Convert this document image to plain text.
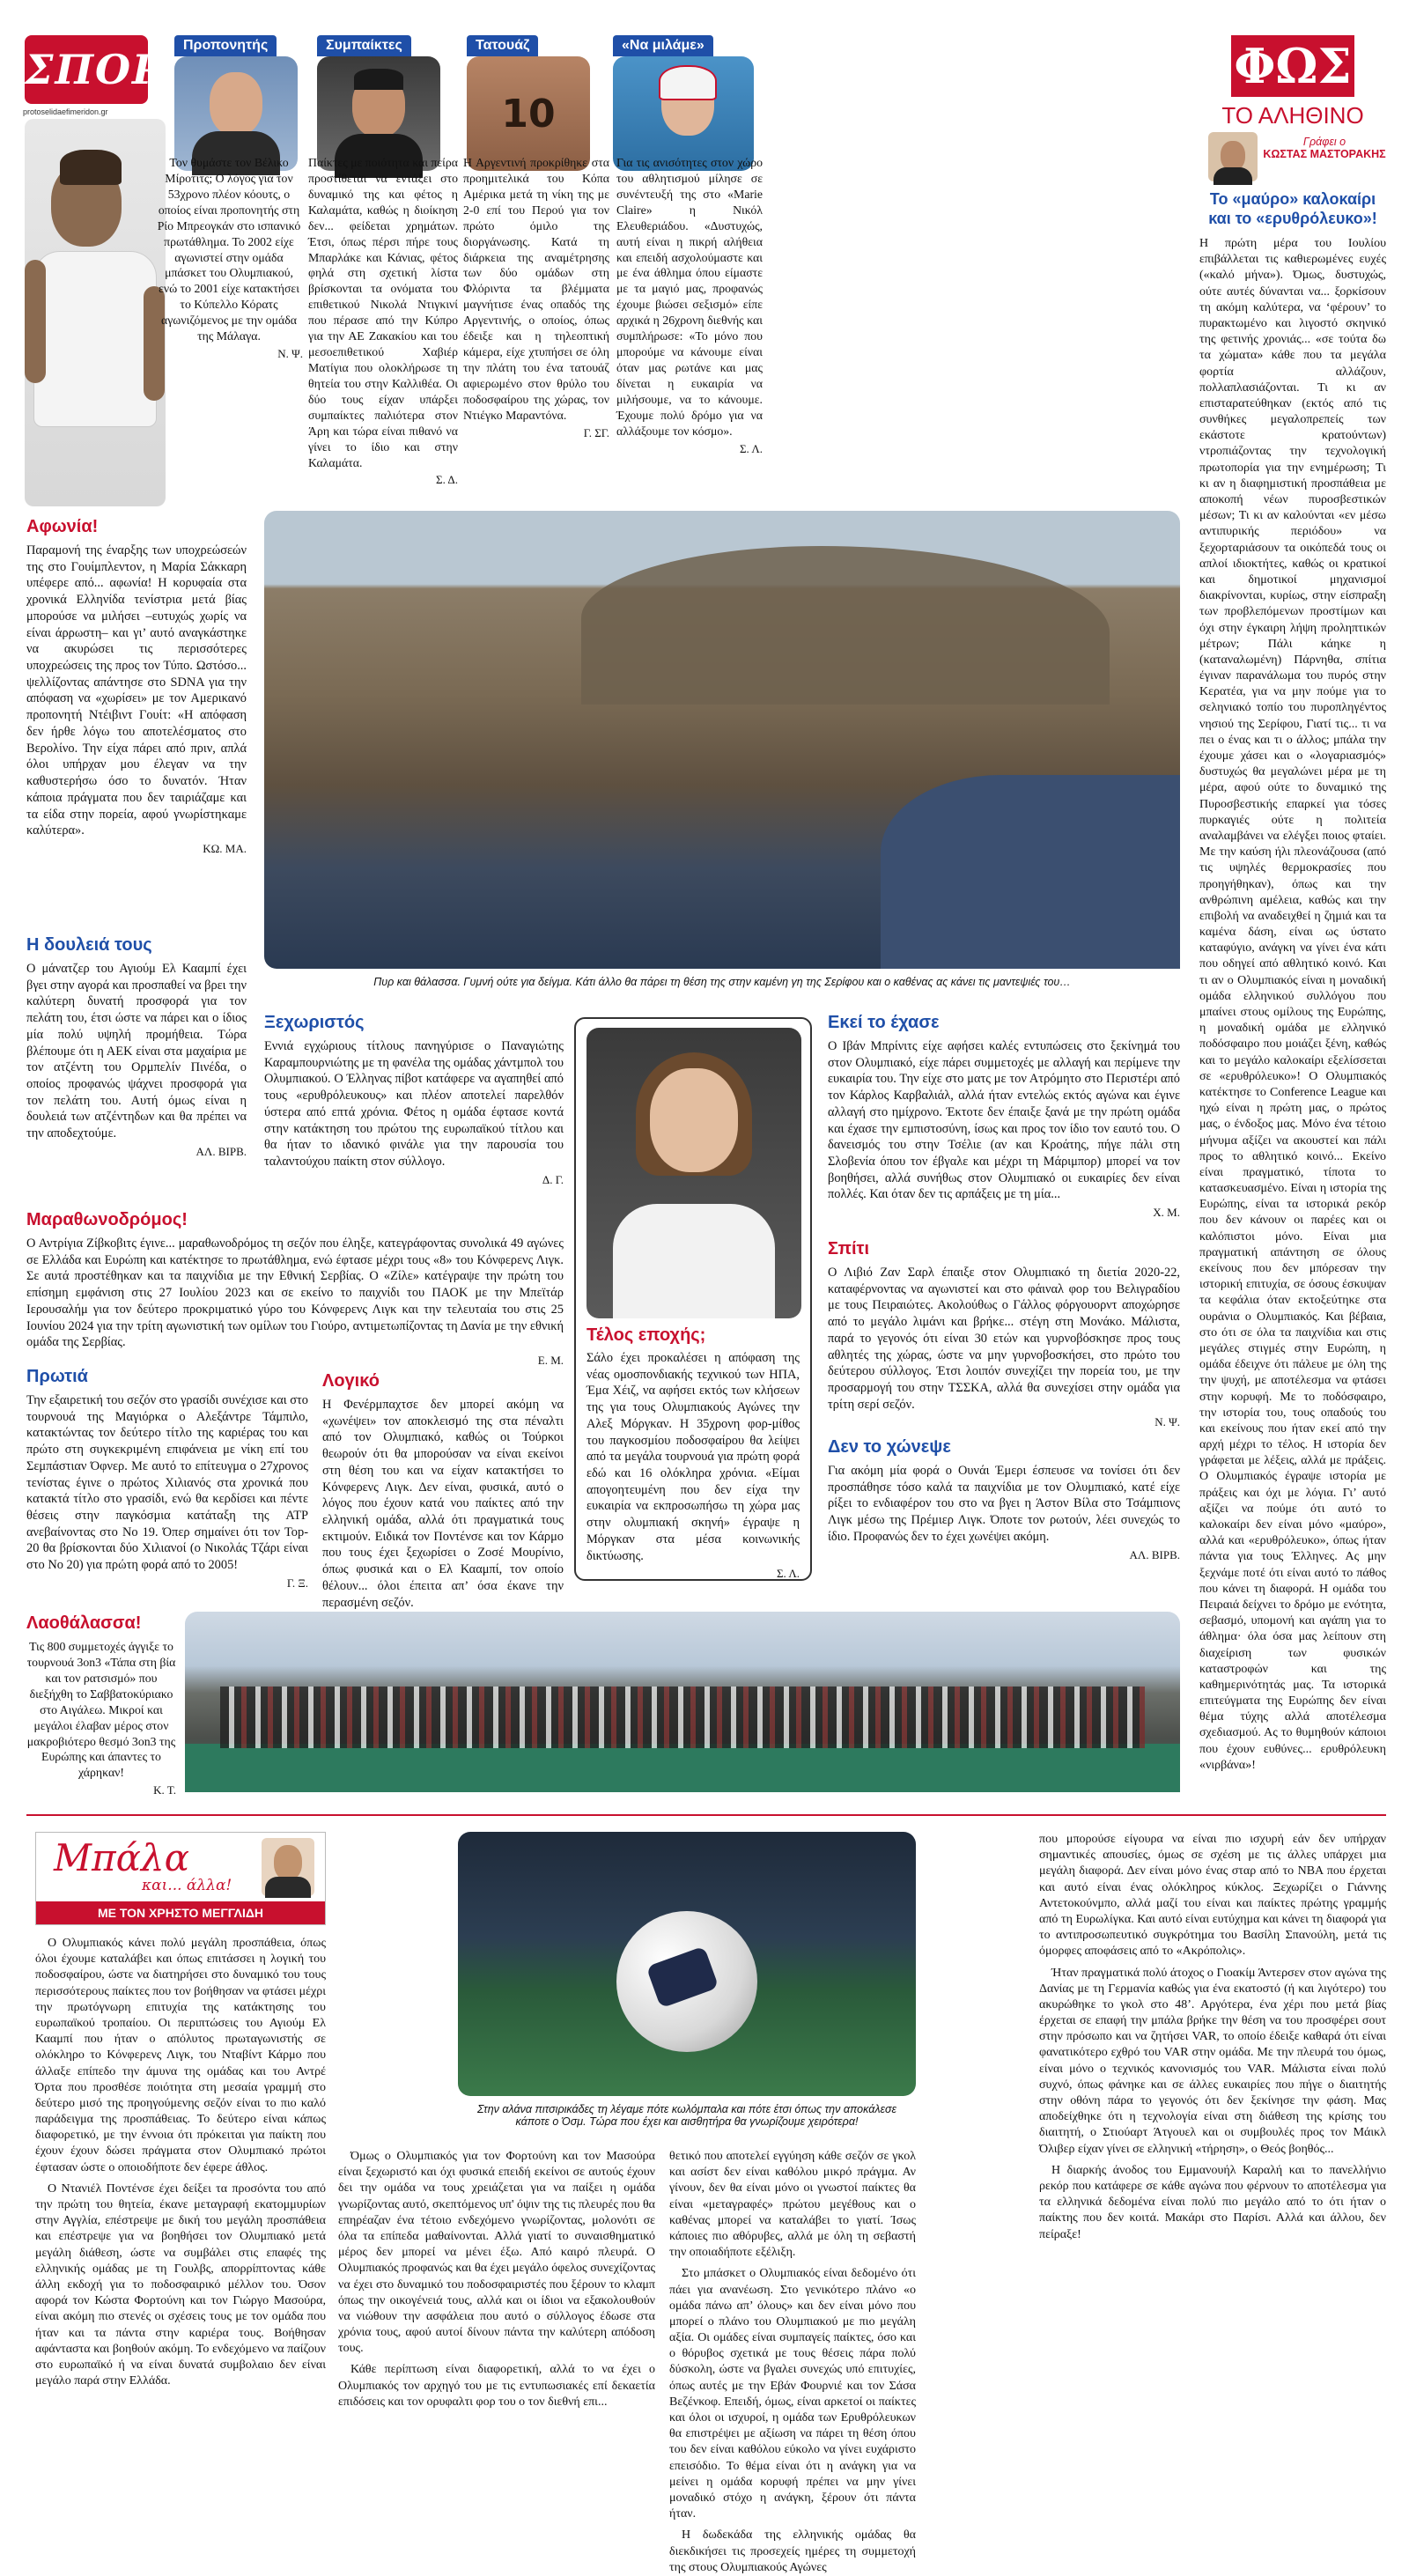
ΣΠΟΡ
protoselidaefimeridon.gr
Προπονητής

Τον θυμάστε τον Βέλικο Μίροτιτς; Ο λόγος για τον 53χρονο πλέον κόουτς, ο οποίος είναι προπονητής στη Ρίο Μπρεογκάν στο ισπανικό πρωτάθλημα. Το 2002 είχε αγωνιστεί στην ομάδα μπάσκετ του Ολυμπιακού, ενώ το 2001 είχε κατακτήσει το Κύπελλο Κόρατς αγωνιζόμενος με την ομάδα της Μάλαγα.

Ν. Ψ.
Συμπαίκτες

Παίκτες με ποιότητα και πείρα προστίθεται να εντάξει στο δυναμικό της και φέτος η Καλαμάτα, καθώς η διοίκηση δεν... φείδεται χρημάτων. Έτσι, όπως πέρσι πήρε τους Μπαρλάκε και Κάνιας, φέτος φηλά στη σχετική λίστα βρίσκονται τα ονόματα του επιθετικού Νικολά Ντιγκινί που πέρασε από την Κύπρο για την ΑΕ Ζακακίου και του μεσοεπιθετικού Χαβιέρ Ματίγια που ολοκλήρωσε τη θητεία του στην Καλλιθέα. Οι δύο τους είχαν υπάρξει συμπαίκτες παλιότερα στον Άρη και τώρα είναι πιθανό να γίνει το ίδιο και στην Καλαμάτα.

Σ. Δ.
Τατουάζ
10

Η Αργεντινή προκρίθηκε στα προημιτελικά του Κόπα Αμέρικα μετά τη νίκη της με 2-0 επί του Περού για τον πρώτο όμιλο της διοργάνωσης. Κατά τη διάρκεια της αναμέτρησης των δύο ομάδων στη Φλόριντα τα βλέμματα μαγνήτισε ένας οπαδός της Αργεντινής, ο οποίος, όπως έδειξε και η τηλεοπτική κάμερα, είχε χτυπήσει σε όλη την πλάτη του ένα τατουάζ αφιερωμένο στον θρύλο του ποδοσφαίρου της χώρας, τον Ντιέγκο Μαραντόνα.

Γ. ΣΓ.
«Να μιλάμε»

Για τις ανισότητες στον χώρο του αθλητισμού μίλησε σε συνέντευξή της στο «Marie Claire» η Νικόλ Ελευθεριάδου. «Δυστυχώς, αυτή είναι η πικρή αλήθεια και επειδή ασχολούμαστε και με ένα άθλημα όπου είμαστε με τα μαγιό μας, προφανώς έχουμε βιώσει σεξισμό» είπε αρχικά η 26χρονη διεθνής και συμπλήρωσε: «Το μόνο που μπορούμε να κάνουμε είναι όταν μας ρωτάνε και μας δίνεται η ευκαιρία να μιλήσουμε, να το κάνουμε. Έχουμε πολύ δρόμο για να αλλάξουμε τον κόσμο».

Σ. Λ.
ΦΩΣ
ΤΟ ΑΛΗΘΙΝΟ
Γράφει ο
ΚΩΣΤΑΣ ΜΑΣΤΟΡΑΚΗΣ
Το «μαύρο» καλοκαίρι και το «ερυθρόλευκο»!

Η πρώτη μέρα του Ιουλίου επιβάλλεται τις καθιερωμένες ευχές («καλό μήνα»). Όμως, δυστυχώς, ούτε αυτές δύνανται να... ξορκίσουν τη ακόμη καλύτερα, να ‘φέρουν’ το πυρακτωμένο και λιγοστό σκηνικό της φετινής χρονιάς... «σε τούτα δω τα χώματα» κάθε που τα μεγάλα φορτία αλλάζουν, πολλαπλασιάζονται. Τι κι αν επισταρατεύθηκαν (εκτός από τις συνθήκες μεγαλοπρεπείς των εκάστοτε κρατούντων) ντροπιάζοντας την τεχνολογική πρωτοπορία για την ενημέρωση; Τι κι αν η διαφημιστική προσπάθεια με αποκοπή νέων πυροσβεστικών μέσων; Τι κι αν καλούνται «εν μέσω αντιπυρικής περιόδου» να ξεχορταριάσουν τα οικόπεδά τους οι απλοί ιδιοκτήτες, καθώς οι κρατικοί και δημοτικοί μηχανισμοί διακρίνονται, κυρίως, στην είσπραξη των προβλεπόμενων προστίμων και όχι στην έγκαιρη λήψη προληπτικών μέτρων; Πάλι κάηκε η (καταναλωμένη) Πάρνηθα, σπίτια έγιναν παρανάλωμα του πυρός στην Κερατέα, για να μην πούμε για το σεληνιακό τοπίο του πυροπληγέντος νησιού της Σερίφου, Γιατί τις... τι να πει ο ένας και τι ο άλλος; μπάλα την έχουμε χάσει και ο «λογαριασμός» δυστυχώς θα μεγαλώνει μέρα με τη μέρα, αφού ούτε το δυναμικό της Πυροσβεστικής επαρκεί για τόσες πυρκαγιές ούτε η πολιτεία αναλαμβάνει να ελέγξει ποιος φταίει. Με την καύση ήλι πλεονάζουσα (από τις υψηλές θερμοκρασίες που προηγήθηκαν), όπως και την ανθρώπινη αμέλεια, καθώς και την επιβολή να αναδειχθεί η ζημιά και τα καμένα δάση, είναι ως ύστατο καταφύγιο, ανάγκη να γίνει ένα κάτι που οδηγεί από αθλητικό κοινό. Και τι αν ο Ολυμπιακός είναι η μοναδική ομάδα ελληνικού συλλόγου που μπαίνει στους ομίλους της Ευρώπης, η μοναδική ομάδα με ελληνικό ποδόσφαιρο που μοιάζει ξένη, καθώς και το μεγάλο καλοκαίρι εξελίσσεται σε «ερυθρόλευκο»! Ο Ολυμπιακός κατέκτησε το Conference League και ηχώ είναι η πρώτη μας, ο πρώτος μας, ο ένδοξος μας. Μόνο ένα τέτοιο μήνυμα αξίζει να ακουστεί και πάλι προς το αθλητικό κοινό... Εκείνο είναι πραγματικό, τίποτα το κατασκευασμένο. Είναι η ιστορία της Ευρώπης, είναι τα ιστορικά ρεκόρ που δεν κάνουν οι παρέες και οι καλόπιστοι μόνο. Είναι μια πραγματική απάντηση σε όλους εκείνους που δεν μπόρεσαν την ιστορική επιτυχία, σε όσους έσκυψαν τα κεφάλια όταν εκτοξεύτηκε στα ουράνια ο Ολυμπιακός. Και βέβαια, στο ότι σε όλα τα παιχνίδια και στις μεγάλες στιγμές στην Ευρώπη, η ομάδα έδειχνε ότι πάλευε με όλη της την ψυχή, με αποτέλεσμα να φτάσει στην κορυφή. Με το ποδόσφαιρο, την ιστορία του, τους οπαδούς του και εκείνους που ήταν εκεί από την αρχή μέχρι το τέλος. Η ιστορία δεν γράφεται με λέξεις, αλλά με πράξεις. Ο Ολυμπιακός έγραψε ιστορία με πράξεις και όχι με λόγια. Γι’ αυτό αξίζει να πούμε ότι αυτό το καλοκαίρι δεν είναι μόνο «μαύρο», αλλά και «ερυθρόλευκο», όπως ήταν πάντα για τους Έλληνες. Ας μην ξεχνάμε ποτέ ότι είναι αυτό το πάθος που κάνει τη διαφορά. Η ομάδα του Πειραιά δείχνει το δρόμο με ενότητα, σεβασμό, υπομονή και αγάπη για το άθλημα· όλα όσα μας λείπουν στη διαχείριση των φυσικών καταστροφών και της καθημερινότητάς μας. Τα ιστορικά επιτεύγματα της Ευρώπης δεν είναι θέμα τύχης αλλά αποτέλεσμα σχεδιασμού. Ας το θυμηθούν κάποιοι που έχουν ευθύνες... ερυθρόλευκη «νιρβάνα»!

Αφωνία!

Παραμονή της έναρξης των υποχρεώσεών της στο Γουίμπλεντον, η Μαρία Σάκκαρη υπέφερε από... αφωνία! Η κορυφαία στα χρονικά Ελληνίδα τενίστρια μετά βίας μπορούσε να μιλήσει –ευτυχώς χωρίς να είναι άρρωστη– και γι’ αυτό αναγκάστηκε να ακυρώσει τις περισσότερες υποχρεώσεις της προς τον Τύπο. Ωστόσο... ψελλίζοντας απάντησε στο SDNA για την απόφαση να «χωρίσει» με τον Αμερικανό προπονητή Ντέιβιντ Γουίτ: «Η απόφαση δεν ήρθε λόγω του αποτελέσματος στο Βερολίνο. Την είχα πάρει από πριν, απλά όλοι υπήρχαν μου έλεγαν να την καθυστερήσω όσο το δυνατόν. Ήταν κάποια πράγματα που δεν ταιριάζαμε και τα είδα στην πορεία, αφού γνωρίστηκαμε καλύτερα».

ΚΩ. ΜΑ.
Πυρ και θάλασσα. Γυμνή ούτε για δείγμα. Κάτι άλλο θα πάρει τη θέση της στην καμένη γη της Σερίφου και ο καθένας ας κάνει τις μαντεψιές του…
Η δουλειά τους

Ο μάνατζερ του Αγιούμ Ελ Κααμπί έχει βγει στην αγορά και προσπαθεί να βρει την καλύτερη δυνατή προσφορά για τον πελάτη του, έτσι ώστε να πάρει και ο ίδιος μία πολύ υψηλή προμήθεια. Τώρα βλέπουμε ότι η ΑΕΚ είναι στα μαχαίρια με τον ατζέντη του Ορμπελίν Πινέδα, ο οποίος προφανώς ψάχνει προσφορά για τον πελάτη του. Αυτή όμως είναι η δουλειά των ατζέντηδων και θα πρέπει να την αποδεχτούμε.

ΑΛ. ΒΙΡΒ.
Ξεχωριστός

Εννιά εγχώριους τίτλους πανηγύρισε ο Παναγιώτης Καραμπουρνιώτης με τη φανέλα της ομάδας χάντμπολ του Ολυμπιακού. Ο Έλληνας πίβοτ κατάφερε να αγαπηθεί από τους «ερυθρόλευκους» και πλέον αποτελεί παρελθόν ύστερα από επτά χρόνια. Φέτος η ομάδα έφτασε κοντά στην κατάκτηση του πρώτου της ευρωπαϊκού τίτλου και θα ήταν το ιδανικό φινάλε για την παρουσία του ταλαντούχου παίκτη στον σύλλογο.

Δ. Γ.
Τέλος εποχής;

Σάλο έχει προκαλέσει η απόφαση της νέας ομοσπονδιακής τεχνικού των ΗΠΑ, Έμα Χέιζ, να αφήσει εκτός των κλήσεων της για τους Ολυμπιακούς Αγώνες την Αλεξ Μόργκαν. Η 35χρονη φορ-μίθος του παγκοσμίου ποδοσφαίρου θα λείψει από τα μεγάλα τουρνουά για πρώτη φορά εδώ και 16 ολόκληρα χρόνια. «Είμαι απογοητευμένη που δεν είχα την ευκαιρία να εκπροσωπήσω τη χώρα μας στην ολυμπιακή σκηνή» έγραψε η Μόργκαν στα μέσα κοινωνικής δικτύωσης.

Σ. Λ.
Εκεί το έχασε

Ο Ιβάν Μπρίνιτς είχε αφήσει καλές εντυπώσεις στο ξεκίνημά του στον Ολυμπιακό, είχε πάρει συμμετοχές με αλλαγή και περίμενε την ευκαιρία του. Την είχε στο ματς με τον Ατρόμητο στο Περιστέρι από τον Κάρλος Καρβαλιάλ, αλλά ήταν εντελώς εκτός αγώνα και έγινε αλλαγή στο ημίχρονο. Έκτοτε δεν έπαιξε ξανά με την πρώτη ομάδα και έχασε την εμπιστοσύνη, ίσως και προς τον ίδιο τον εαυτό του. Ο δανεισμός του στην Τσέλιε (αν και Κροάτης, πήγε πάλι στη Σλοβενία όπου τον έβγαλε και μέχρι τη Μάριμπορ) μπορεί να τον βοηθήσει, αλλά συνήθως στον Ολυμπιακό οι ευκαιρίες δεν είναι πολλές. Και όταν δεν τις αρπάξεις με τη μία...

Χ. Μ.
Μαραθωνοδρόμος!

Ο Αντρίγια Ζίβκοβιτς έγινε... μαραθωνοδρόμος τη σεζόν που έληξε, κατεγράφοντας συνολικά 49 αγώνες σε Ελλάδα και Ευρώπη και κατέκτησε το πρωτάθλημα, ενώ έφτασε μέχρι τους «8» του Κόνφερενς Λιγκ. Σε αυτά προστέθηκαν και τα παιχνίδια με την Εθνική Σερβίας. Ο «Ζίλε» κατέγραψε την πρώτη του επίσημη εμφάνιση στις 27 Ιουλίου 2023 και σε εκείνο το παιχνίδι του ΠΑΟΚ με την Μπεϊτάρ Ιερουσαλήμ για τον δεύτερο προκριματικό γύρο του Κόνφερενς Λιγκ και την τελευταία του στις 25 Ιουνίου 2024 για την τρίτη αγωνιστική των ομίλων του Γιούρο, αντιμετωπίζοντας τη Δανία με την εθνική ομάδα της Σερβίας.

Ε. Μ.
Σπίτι

Ο Λιβιό Ζαν Σαρλ έπαιξε στον Ολυμπιακό τη διετία 2020-22, καταφέρνοντας να αγωνιστεί και στο φάιναλ φορ του Βελιγραδίου με τους Πειραιώτες. Ακολούθως ο Γάλλος φόργουορντ αποχώρησε από το μεγάλο λιμάνι και βρήκε... στέγη στη Μονάκο. Μάλιστα, παρά το γεγονός ότι είναι 30 ετών και γυρνοβόσκησε προς τους αθλητές της χώρας, ώστε να μην γυρνοβοσκήσει, στο πρώτο του δεύτερου σύλλογος. Έτσι λοιπόν συνεχίζει την πορεία του, με την προσαρμογή του στην ΤΣΣΚΑ, αλλά θα συνεχίσει στην ομάδα για τρίτη σερί σεζόν.

Ν. Ψ.
Πρωτιά

Την εξαιρετική του σεζόν στο γρασίδι συνέχισε και στο τουρνουά της Μαγιόρκα ο Αλεξάντρε Τάμπιλο, κατακτώντας τον δεύτερο τίτλο της καριέρας του και πρώτο στη συγκεκριμένη επιφάνεια με νίκη επί του Σεμπάστιαν Όφνερ. Με αυτό το επίτευγμα ο 27χρονος τενίστας έγινε ο πρώτος Χιλιανός στα χρονικά που κατακτά τίτλο στο γρασίδι, ενώ θα κερδίσει και πέντε θέσεις στην παγκόσμια κατάταξη της ATP ανεβαίνοντας στο Νο 19. Όπερ σημαίνει ότι τον Top-20 θα βρίσκονται δύο Χιλιανοί (ο Νικολάς Τζάρι είναι στο Νο 20) για πρώτη φορά από το 2005!

Γ. Ξ.
Λογικό

Η Φενέρμπαχτσε δεν μπορεί ακόμη να «χωνέψει» τον αποκλεισμό της στα πέναλτι από τον Ολυμπιακό, καθώς οι Τούρκοι θεωρούν ότι θα μπορούσαν να είναι εκείνοι στη θέση του και να είχαν κατακτήσει το Κόνφερενς Λιγκ. Δεν είναι, φυσικά, αυτό ο λόγος που έχουν κατά νου παίκτες από την ελληνική ομάδα, αλλά ότι πραγματικά τους εκτιμούν. Ειδικά τον Ποντένσε και τον Κάρμο που τους έχει ξεχωρίσει ο Ζοσέ Μουρίνιο, όπως φυσικά και ο Ελ Κααμπί, τον οποίο θέλουν... όλοι έπειτα απ’ όσα έκανε την περασμένη σεζόν.

Δεν το χώνεψε

Για ακόμη μία φορά ο Ουνάι Έμερι έσπευσε να τονίσει ότι δεν προσπάθησε τόσο καλά τα παιχνίδια με τον Ολυμπιακό, κατέ είχε ρίξει το ενδιαφέρον του στο να βγει η Άστον Βίλα στο Τσάμπιονς Λιγκ μέσω της Πρέμιερ Λιγκ. Όποτε τον ρωτούν, λέει συνεχώς το ίδιο. Προφανώς δεν το έχει χωνέψει ακόμη.

ΑΛ. ΒΙΡΒ.
Λαοθάλασσα!

Τις 800 συμμετοχές άγγιξε το τουρνουά 3on3 «Τάπα στη βία και τον ρατσισμό» που διεξήχθη το Σαββατοκύριακο στο Αιγάλεω. Μικροί και μεγάλοι έλαβαν μέρος στον μακροβιότερο θεσμό 3on3 της Ευρώπης και άπαντες το χάρηκαν!

Κ. Τ.
Μπάλα
και... άλλα!
ΜΕ ΤΟΝ ΧΡΗΣΤΟ ΜΕΓΓΛΙΔΗ

Ο Ολυμπιακός κάνει πολύ μεγάλη προσπάθεια, όπως όλοι έχουμε καταλάβει και όπως επιτάσσει η λογική του ποδοσφαίρου, ώστε να διατηρήσει στο δυναμικό του τους περισσότερους παίκτες που τον βοήθησαν να φτάσει μέχρι την πρωτόγνωρη επιτυχία της κατάκτησης του ευρωπαϊκού τροπαίου. Οι περιπτώσεις του Αγιούμ Ελ Κααμπί που ήταν ο απόλυτος πρωταγωνιστής σε ολόκληρο το Κόνφερενς Λιγκ, του Νταβίντ Κάρμο που άλλαξε επίπεδο την άμυνα της ομάδας και του Αντρέ Όρτα που προσθέσε ποιότητα στη μεσαία γραμμή στο δεύτερο μισό της προηγούμενης σεζόν είναι το πιο καλό παράδειγμα της προσπάθειας. Το δεύτερο είναι κάπως διαφορετικό, με την έννοια ότι πρόκειται για παίκτη που έχουν έχουν δώσει πράγματα στον Ολυμπιακό πρώτοι έφτασαν ώστε ο οποιοδήποτε δεν έφερε άθλος.

Ο Ντανιέλ Ποντένσε έχει δείξει τα προσόντα του από την πρώτη του θητεία, έκανε μεταγραφή εκατομμυρίων στην Αγγλία, επέστρεψε με δική του μεγάλη προσπάθεια και επέστρεψε για να βοηθήσει τον Ολυμπιακό μετά μεγάλη διάθεση, ώστε να συμβάλει στις επαφές της ελληνικής ομάδας με τη Γουλβς, απορρίπτοντας κάθε άλλη εκδοχή για το ποδοσφαιρικό μέλλον του. Όσον αφορά τον Κώστα Φορτούνη και τον Γιώργο Μασούρα, είναι ακόμη πιο στενές οι σχέσεις τους με τον ομάδα που ήταν και τα πάντα στην καριέρα τους. Βοήθησαν αφάνταστα και βοηθούν ακόμη. Το ενδεχόμενο να παίζουν στο ευρωπαϊκό ή να είναι δυνατά συμβολαιο δεν είναι μεγάλο παρά στην Ελλάδα.

Στην αλάνα πιτσιρικάδες τη λέγαμε πότε κωλόμπαλα και πότε έτσι όπως την αποκάλεσε κάποτε ο Όσμ. Τώρα που έχει και αισθητήρα θα γνωρίζουμε χειρότερα!

Όμως ο Ολυμπιακός για τον Φορτούνη και τον Μασούρα είναι ξεχωριστό και όχι φυσικά επειδή εκείνοι σε αυτούς έχουν δει την ομάδα να τους χρειάζεται για να παίξει η ομάδα γνωρίζοντας αυτό, σκεπτόμενος υπ' όψιν της τις πλευρές που θα επηρέαζαν ένα τέτοιο ενδεχόμενο γνωρίζοντας, μολονότι σε όλα τα επίπεδα μαθαίνονται. Αλλά γιατί το συναισθηματικό μέρος δεν μπορεί να μένει έξω. Από καιρό πλευρά. Ο Ολυμπιακός προφανώς και θα έχει μεγάλο όφελος συνεχίζοντας να έχει στο δυναμικό του ποδοσφαιριστές που ξέρουν το κλαμπ όπως την οικογένειά τους, αλλά και οι ίδιοι να εξακολουθούν να νιώθουν την ασφάλεια που αυτό ο σύλλογος έδωσε στα χρόνια τους, αφού αυτοί δίνουν πάντα την καλύτερη απόδοση τους.

Κάθε περίπτωση είναι διαφορετική, αλλά το να έχει ο Ολυμπιακός τον αρχηγό του με τις εντυπωσιακές επί δεκαετία επιδόσεις και τον ορυφαλτι φορ του ο τον διεθνή επι...

θετικό που αποτελεί εγγύηση κάθε σεζόν σε γκολ και ασίστ δεν είναι καθόλου μικρό πράγμα. Αν γίνουν, δεν θα είναι μόνο οι γνωστοί παίκτες θα είναι «μεταγραφές» πρώτου μεγέθους και ο καθένας μπορεί να καταλάβει το γιατί. Ίσως κάποιες πιο αθόρυβες, αλλά με όλη τη σεβαστή την οποιαδήποτε εξέλιξη.

Στο μπάσκετ ο Ολυμπιακός είναι δεδομένο ότι πάει για ανανέωση. Στο γενικότερο πλάνο «ο ομάδα πάνω απ’ όλους» και δεν είναι μόνο που μπορεί ο πλάνο του Ολυμπιακού με πιο μεγάλη αξία. Οι ομάδες είναι συμπαγείς παίκτες, όσο και ο θόρυβος σχετικά με τους θέσεις πάρα πολύ δύσκολη, ώστε να βγαλει συνεχώς υπό επιτυχίες, όπως αυτές με την Εβάν Φουρνιέ και τον Σάσα Βεζένκοφ. Επειδή, όμως, είναι αρκετοί οι παίκτες και όλοι οι ισχυροί, η ομάδα των Ερυθρόλευκων θα επιστρέψει με αξίωση να πάρει τη θέση όπου του δεν είναι καθόλου εύκολο να γίνει ευχάριστο επεισόδιο. Το θέμα είναι ότι η ανάγκη για να μείνει η ομάδα κορυφή πρέπει να μην γίνει μοναδικό στόχο η ανάγκη, ξέρουν ότι πάντα ήταν.

Η δωδεκάδα της ελληνικής ομάδας θα διεκδικήσει τις προσεχείς ημέρες τη συμμετοχή της στους Ολυμπιακούς Αγώνες

που μπορούσε είγουρα να είναι πιο ισχυρή εάν δεν υπήρχαν σημαντικές απουσίες, όμως σε σχέση με τις άλλες υπάρχει μια μεγάλη διαφορά. Δεν είναι μόνο ένας σταρ από το NBA που έρχεται και αυτό είναι ένας ολόκληρος κύκλος. Ξεχωρίζει ο Γιάννης Αντετοκούνμπο, αλλά μαζί του είναι και παίκτες πρώτης γραμμής από τη Ευρωλίγκα. Και αυτό είναι ευτύχημα και κάνει τη διαφορά για το αντιπροσωπευτικό συγκρότημα του Βασίλη Σπανούλη, μετά τις όμορφες αποφάσεις από το «Ακρόπολις».

Ήταν πραγματικά πολύ άτοχος ο Γιοακίμ Άντερσεν στον αγώνα της Δανίας με τη Γερμανία καθώς για ένα εκατοστό (ή και λιγότερο) του ακυρώθηκε το γκολ στο 48’. Αργότερα, ένα χέρι που μετά βίας έρχεται σε επαφή την μπάλα βρήκε την θέση να του προσφέρει σουτ στην πρόσωπο και να ζητήσει VAR, το οποίο έδειξε καθαρά ότι είναι φανατικότερο εχθρό του VAR στην ομάδα. Με την πλευρά του όμως, είναι μόνο ο τεχνικός κανονισμός του VAR. Μάλιστα είναι πολύ συχνό, όπως φάνηκε και σε άλλες ευκαιρίες που πήγε ο διαιτητής στην οθόνη πάρα το γεγονός ότι δεν ξεκίνησε την φάση. Μας αποδείχθηκε ότι η τεχνολογία είναι στη διάθεση της κρίσης του διαιτητή, ο Στιούαρτ Άτγουελ και οι συμβουλές προς τον Μάικλ Όλιβερ είχαν γίνει σε ελληνική «τήρηση», ο Θεός βοηθός...

Η διαρκής άνοδος του Εμμανουήλ Καραλή και το πανελλήνιο ρεκόρ που κατάφερε σε κάθε αγώνα που φέρνουν το αποτέλεσμα για τα ελληνικά δεδομένα είναι πολύ πιο μεγάλο από το ότι ήταν ο παίκτης που δεν κοιτά. Μακάρι στο Παρίσι. Αλλά και άλλου, δεν πείραξε!
